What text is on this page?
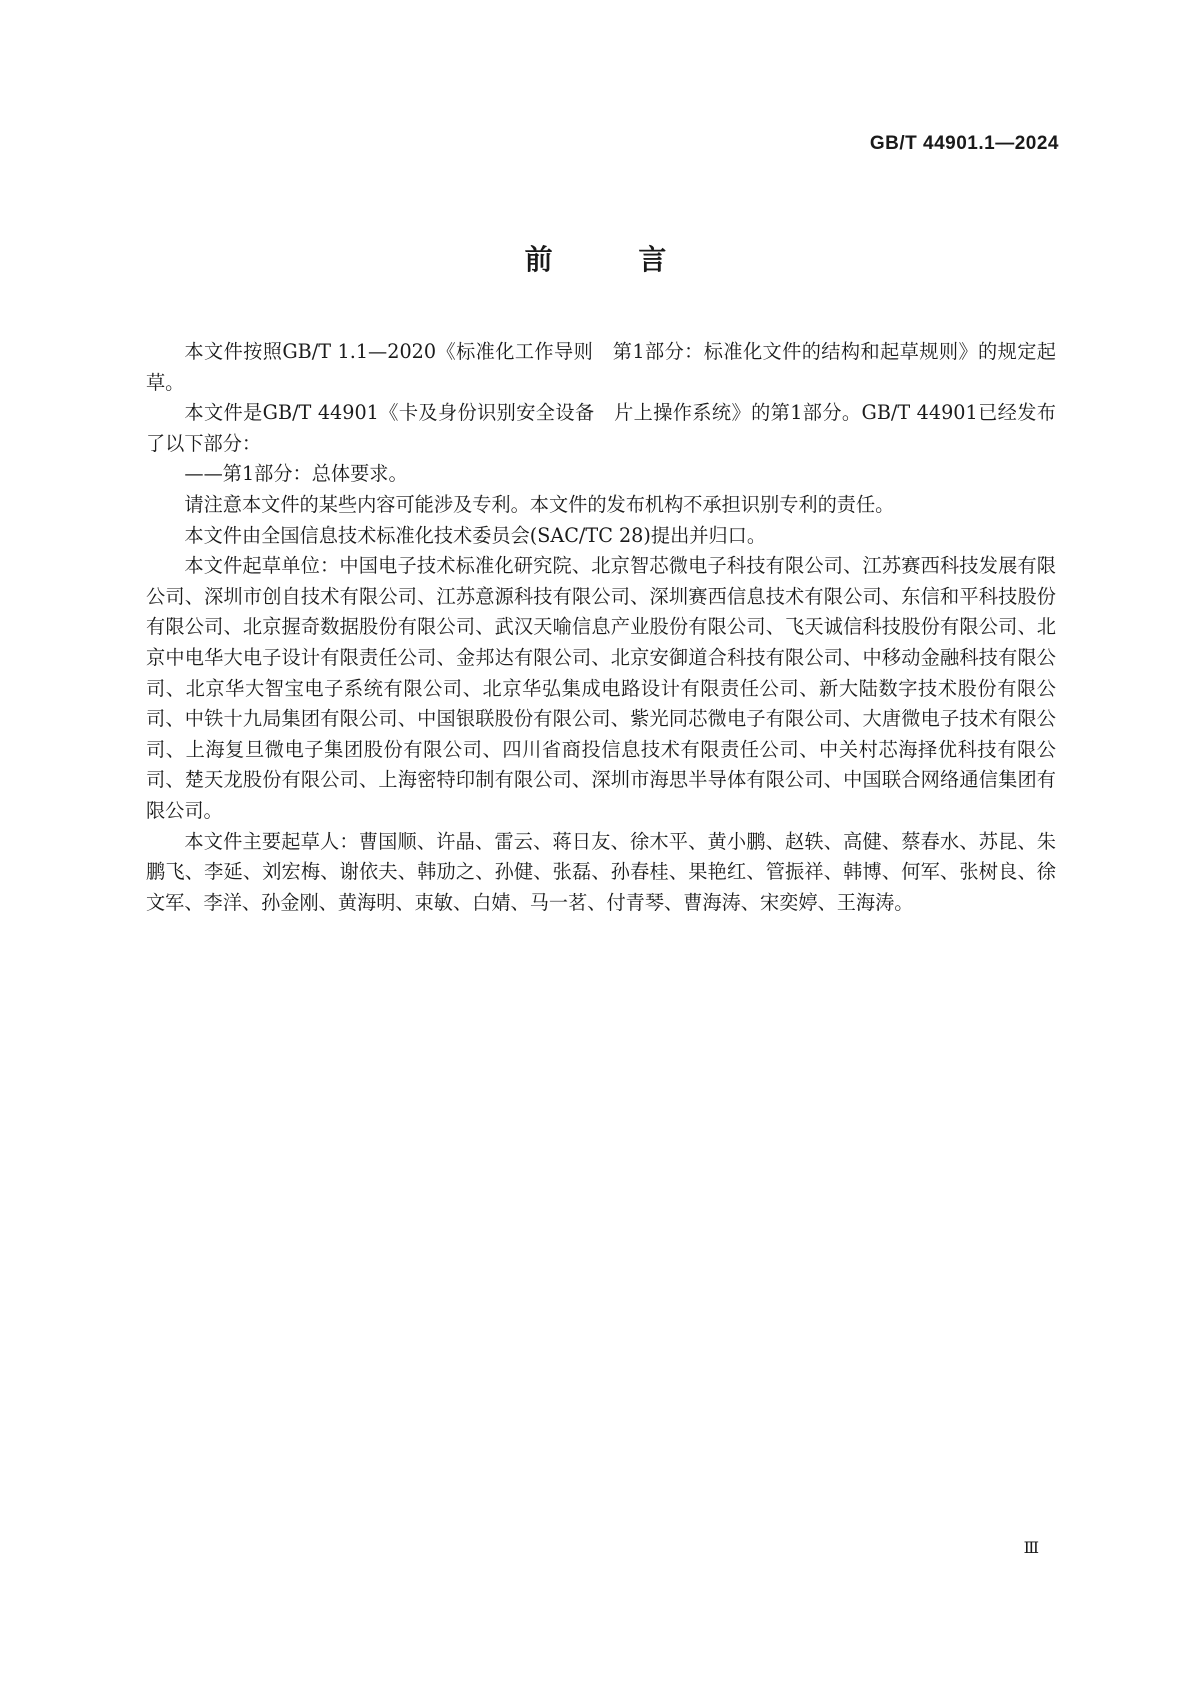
GB/T 44901.1—2024
前 言

本文件按照GB/T 1.1—2020《标准化工作导则　第1部分：标准化文件的结构和起草规则》的规定起草。

本文件是GB/T 44901《卡及身份识别安全设备　片上操作系统》的第1部分。GB/T 44901已经发布了以下部分：

——第1部分：总体要求。

请注意本文件的某些内容可能涉及专利。本文件的发布机构不承担识别专利的责任。

本文件由全国信息技术标准化技术委员会(SAC/TC 28)提出并归口。

本文件起草单位：中国电子技术标准化研究院、北京智芯微电子科技有限公司、江苏赛西科技发展有限公司、深圳市创自技术有限公司、江苏意源科技有限公司、深圳赛西信息技术有限公司、东信和平科技股份有限公司、北京握奇数据股份有限公司、武汉天喻信息产业股份有限公司、飞天诚信科技股份有限公司、北京中电华大电子设计有限责任公司、金邦达有限公司、北京安御道合科技有限公司、中移动金融科技有限公司、北京华大智宝电子系统有限公司、北京华弘集成电路设计有限责任公司、新大陆数字技术股份有限公司、中铁十九局集团有限公司、中国银联股份有限公司、紫光同芯微电子有限公司、大唐微电子技术有限公司、上海复旦微电子集团股份有限公司、四川省商投信息技术有限责任公司、中关村芯海择优科技有限公司、楚天龙股份有限公司、上海密特印制有限公司、深圳市海思半导体有限公司、中国联合网络通信集团有限公司。

本文件主要起草人：曹国顺、许晶、雷云、蒋日友、徐木平、黄小鹏、赵轶、高健、蔡春水、苏昆、朱鹏飞、李延、刘宏梅、谢依夫、韩劢之、孙健、张磊、孙春桂、果艳红、管振祥、韩博、何军、张树良、徐文军、李洋、孙金刚、黄海明、束敏、白婧、马一茗、付青琴、曹海涛、宋奕婷、王海涛。

Ⅲ
